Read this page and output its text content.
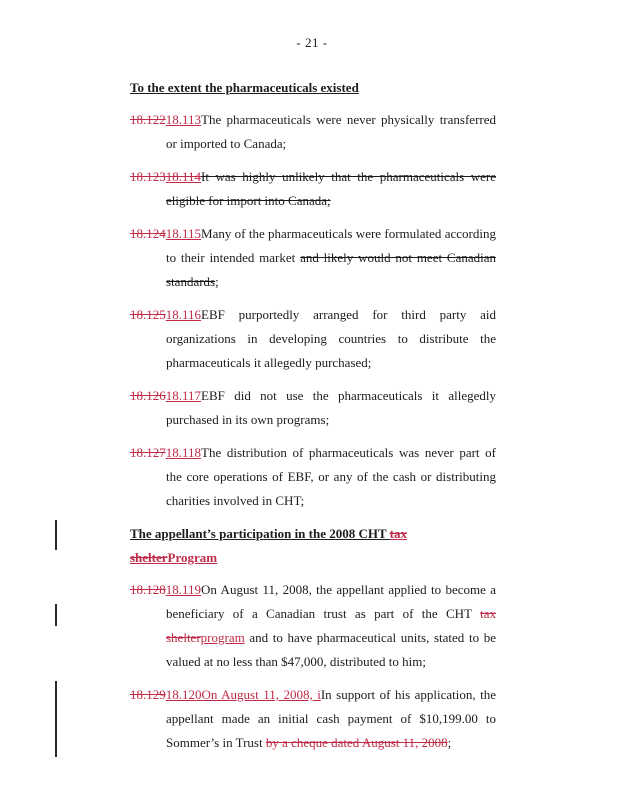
- 21 -
To the extent the pharmaceuticals existed
18.12218.113The pharmaceuticals were never physically transferred or imported to Canada;
18.12318.114It was highly unlikely that the pharmaceuticals were eligible for import into Canada;
18.12418.115Many of the pharmaceuticals were formulated according to their intended market and likely would not meet Canadian standards;
18.12518.116EBF purportedly arranged for third party aid organizations in developing countries to distribute the pharmaceuticals it allegedly purchased;
18.12618.117EBF did not use the pharmaceuticals it allegedly purchased in its own programs;
18.12718.118The distribution of pharmaceuticals was never part of the core operations of EBF, or any of the cash or distributing charities involved in CHT;
The appellant’s participation in the 2008 CHT tax shelterProgram
18.12818.119On August 11, 2008, the appellant applied to become a beneficiary of a Canadian trust as part of the CHT tax shelterprogram and to have pharmaceutical units, stated to be valued at no less than $47,000, distributed to him;
18.12918.120On August 11, 2008, iIn support of his application, the appellant made an initial cash payment of $10,199.00 to Sommer’s in Trust by a cheque dated August 11, 2008;
